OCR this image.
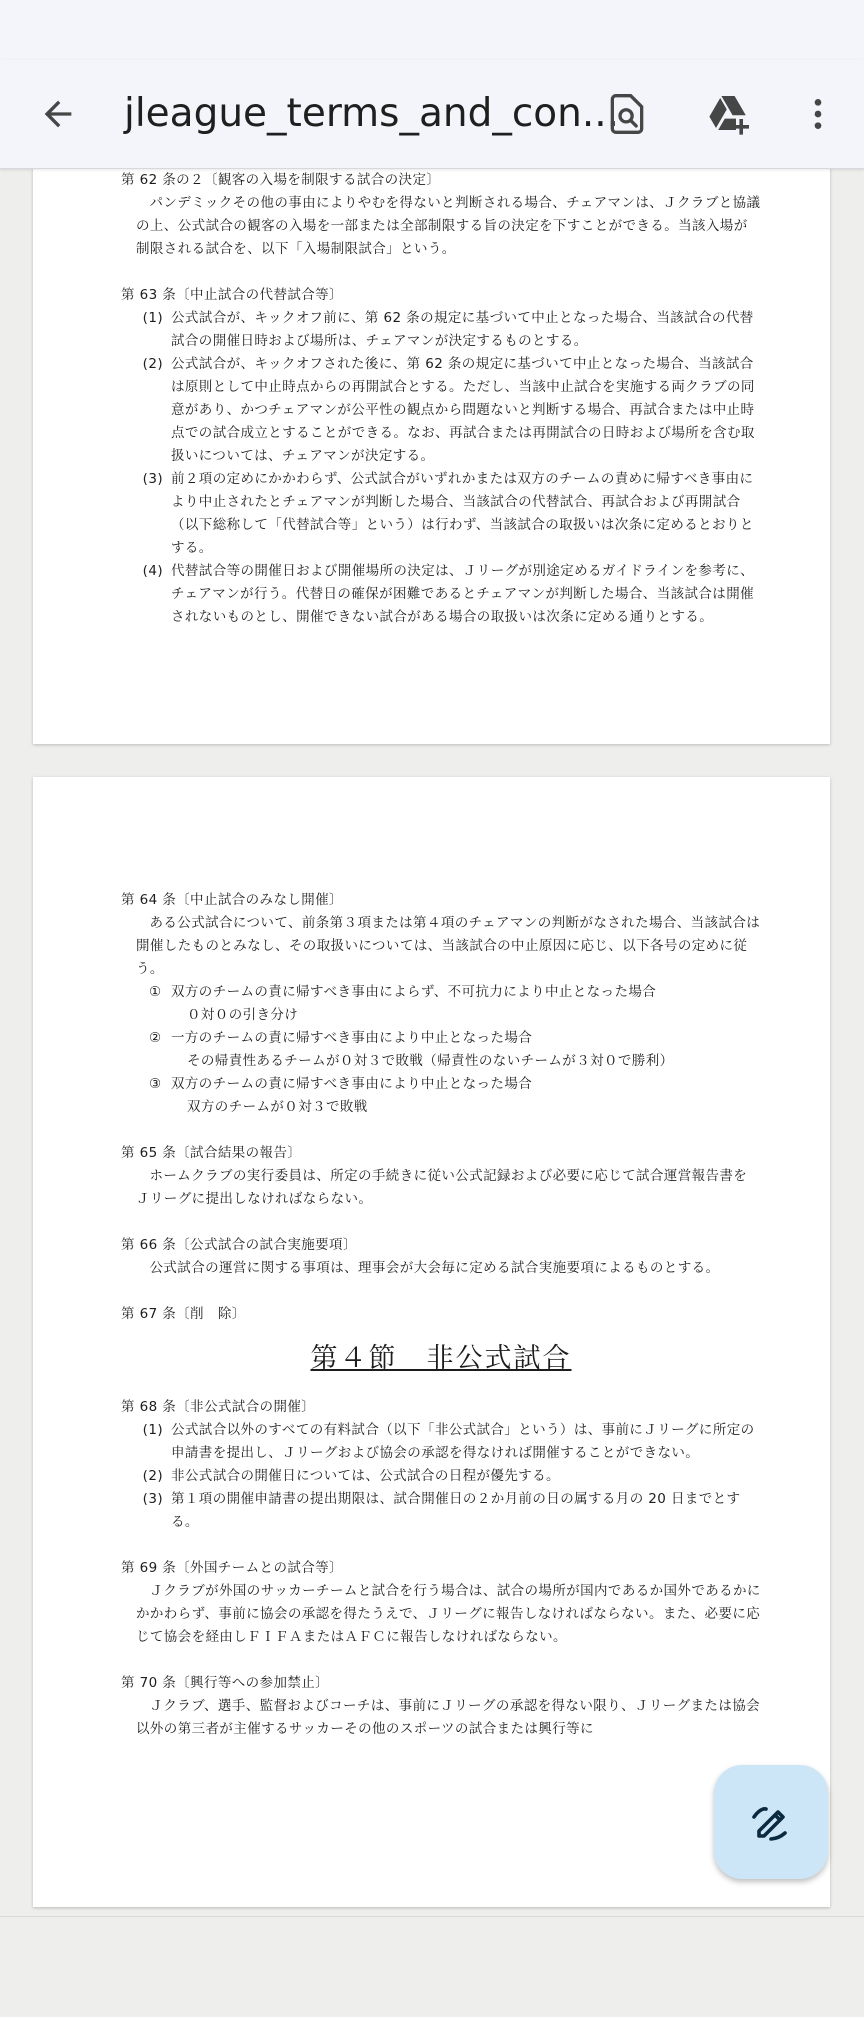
jleague_terms_and_con...

第 62 条の２〔観客の入場を制限する試合の決定〕

パンデミックその他の事由によりやむを得ないと判断される場合、チェアマンは、Ｊクラブと協議の上、公式試合の観客の入場を一部または全部制限する旨の決定を下すことができる。当該入場が制限される試合を、以下「入場制限試合」という。

第 63 条〔中止試合の代替試合等〕

(1) 公式試合が、キックオフ前に、第 62 条の規定に基づいて中止となった場合、当該試合の代替試合の開催日時および場所は、チェアマンが決定するものとする。
(2) 公式試合が、キックオフされた後に、第 62 条の規定に基づいて中止となった場合、当該試合は原則として中止時点からの再開試合とする。ただし、当該中止試合を実施する両クラブの同意があり、かつチェアマンが公平性の観点から問題ないと判断する場合、再試合または中止時点での試合成立とすることができる。なお、再試合または再開試合の日時および場所を含む取扱いについては、チェアマンが決定する。
(3) 前２項の定めにかかわらず、公式試合がいずれかまたは双方のチームの責めに帰すべき事由により中止されたとチェアマンが判断した場合、当該試合の代替試合、再試合および再開試合（以下総称して「代替試合等」という）は行わず、当該試合の取扱いは次条に定めるとおりとする。
(4) 代替試合等の開催日および開催場所の決定は、Ｊリーグが別途定めるガイドラインを参考に、チェアマンが行う。代替日の確保が困難であるとチェアマンが判断した場合、当該試合は開催されないものとし、開催できない試合がある場合の取扱いは次条に定める通りとする。

第 64 条〔中止試合のみなし開催〕

ある公式試合について、前条第３項または第４項のチェアマンの判断がなされた場合、当該試合は開催したものとみなし、その取扱いについては、当該試合の中止原因に応じ、以下各号の定めに従う。

① 双方のチームの責に帰すべき事由によらず、不可抗力により中止となった場合

０対０の引き分け

② 一方のチームの責に帰すべき事由により中止となった場合

その帰責性あるチームが０対３で敗戦（帰責性のないチームが３対０で勝利）

③ 双方のチームの責に帰すべき事由により中止となった場合

双方のチームが０対３で敗戦

第 65 条〔試合結果の報告〕

ホームクラブの実行委員は、所定の手続きに従い公式記録および必要に応じて試合運営報告書をＪリーグに提出しなければならない。

第 66 条〔公式試合の試合実施要項〕

公式試合の運営に関する事項は、理事会が大会毎に定める試合実施要項によるものとする。

第 67 条〔削　除〕

第４節　非公式試合

第 68 条〔非公式試合の開催〕

(1) 公式試合以外のすべての有料試合（以下「非公式試合」という）は、事前にＪリーグに所定の申請書を提出し、Ｊリーグおよび協会の承認を得なければ開催することができない。
(2) 非公式試合の開催日については、公式試合の日程が優先する。
(3) 第１項の開催申請書の提出期限は、試合開催日の２か月前の日の属する月の 20 日までとする。

第 69 条〔外国チームとの試合等〕

Ｊクラブが外国のサッカーチームと試合を行う場合は、試合の場所が国内であるか国外であるかにかかわらず、事前に協会の承認を得たうえで、Ｊリーグに報告しなければならない。また、必要に応じて協会を経由しＦＩＦＡまたはＡＦＣに報告しなければならない。

第 70 条〔興行等への参加禁止〕

Ｊクラブ、選手、監督およびコーチは、事前にＪリーグの承認を得ない限り、Ｊリーグまたは協会以外の第三者が主催するサッカーその他のスポーツの試合または興行等に
